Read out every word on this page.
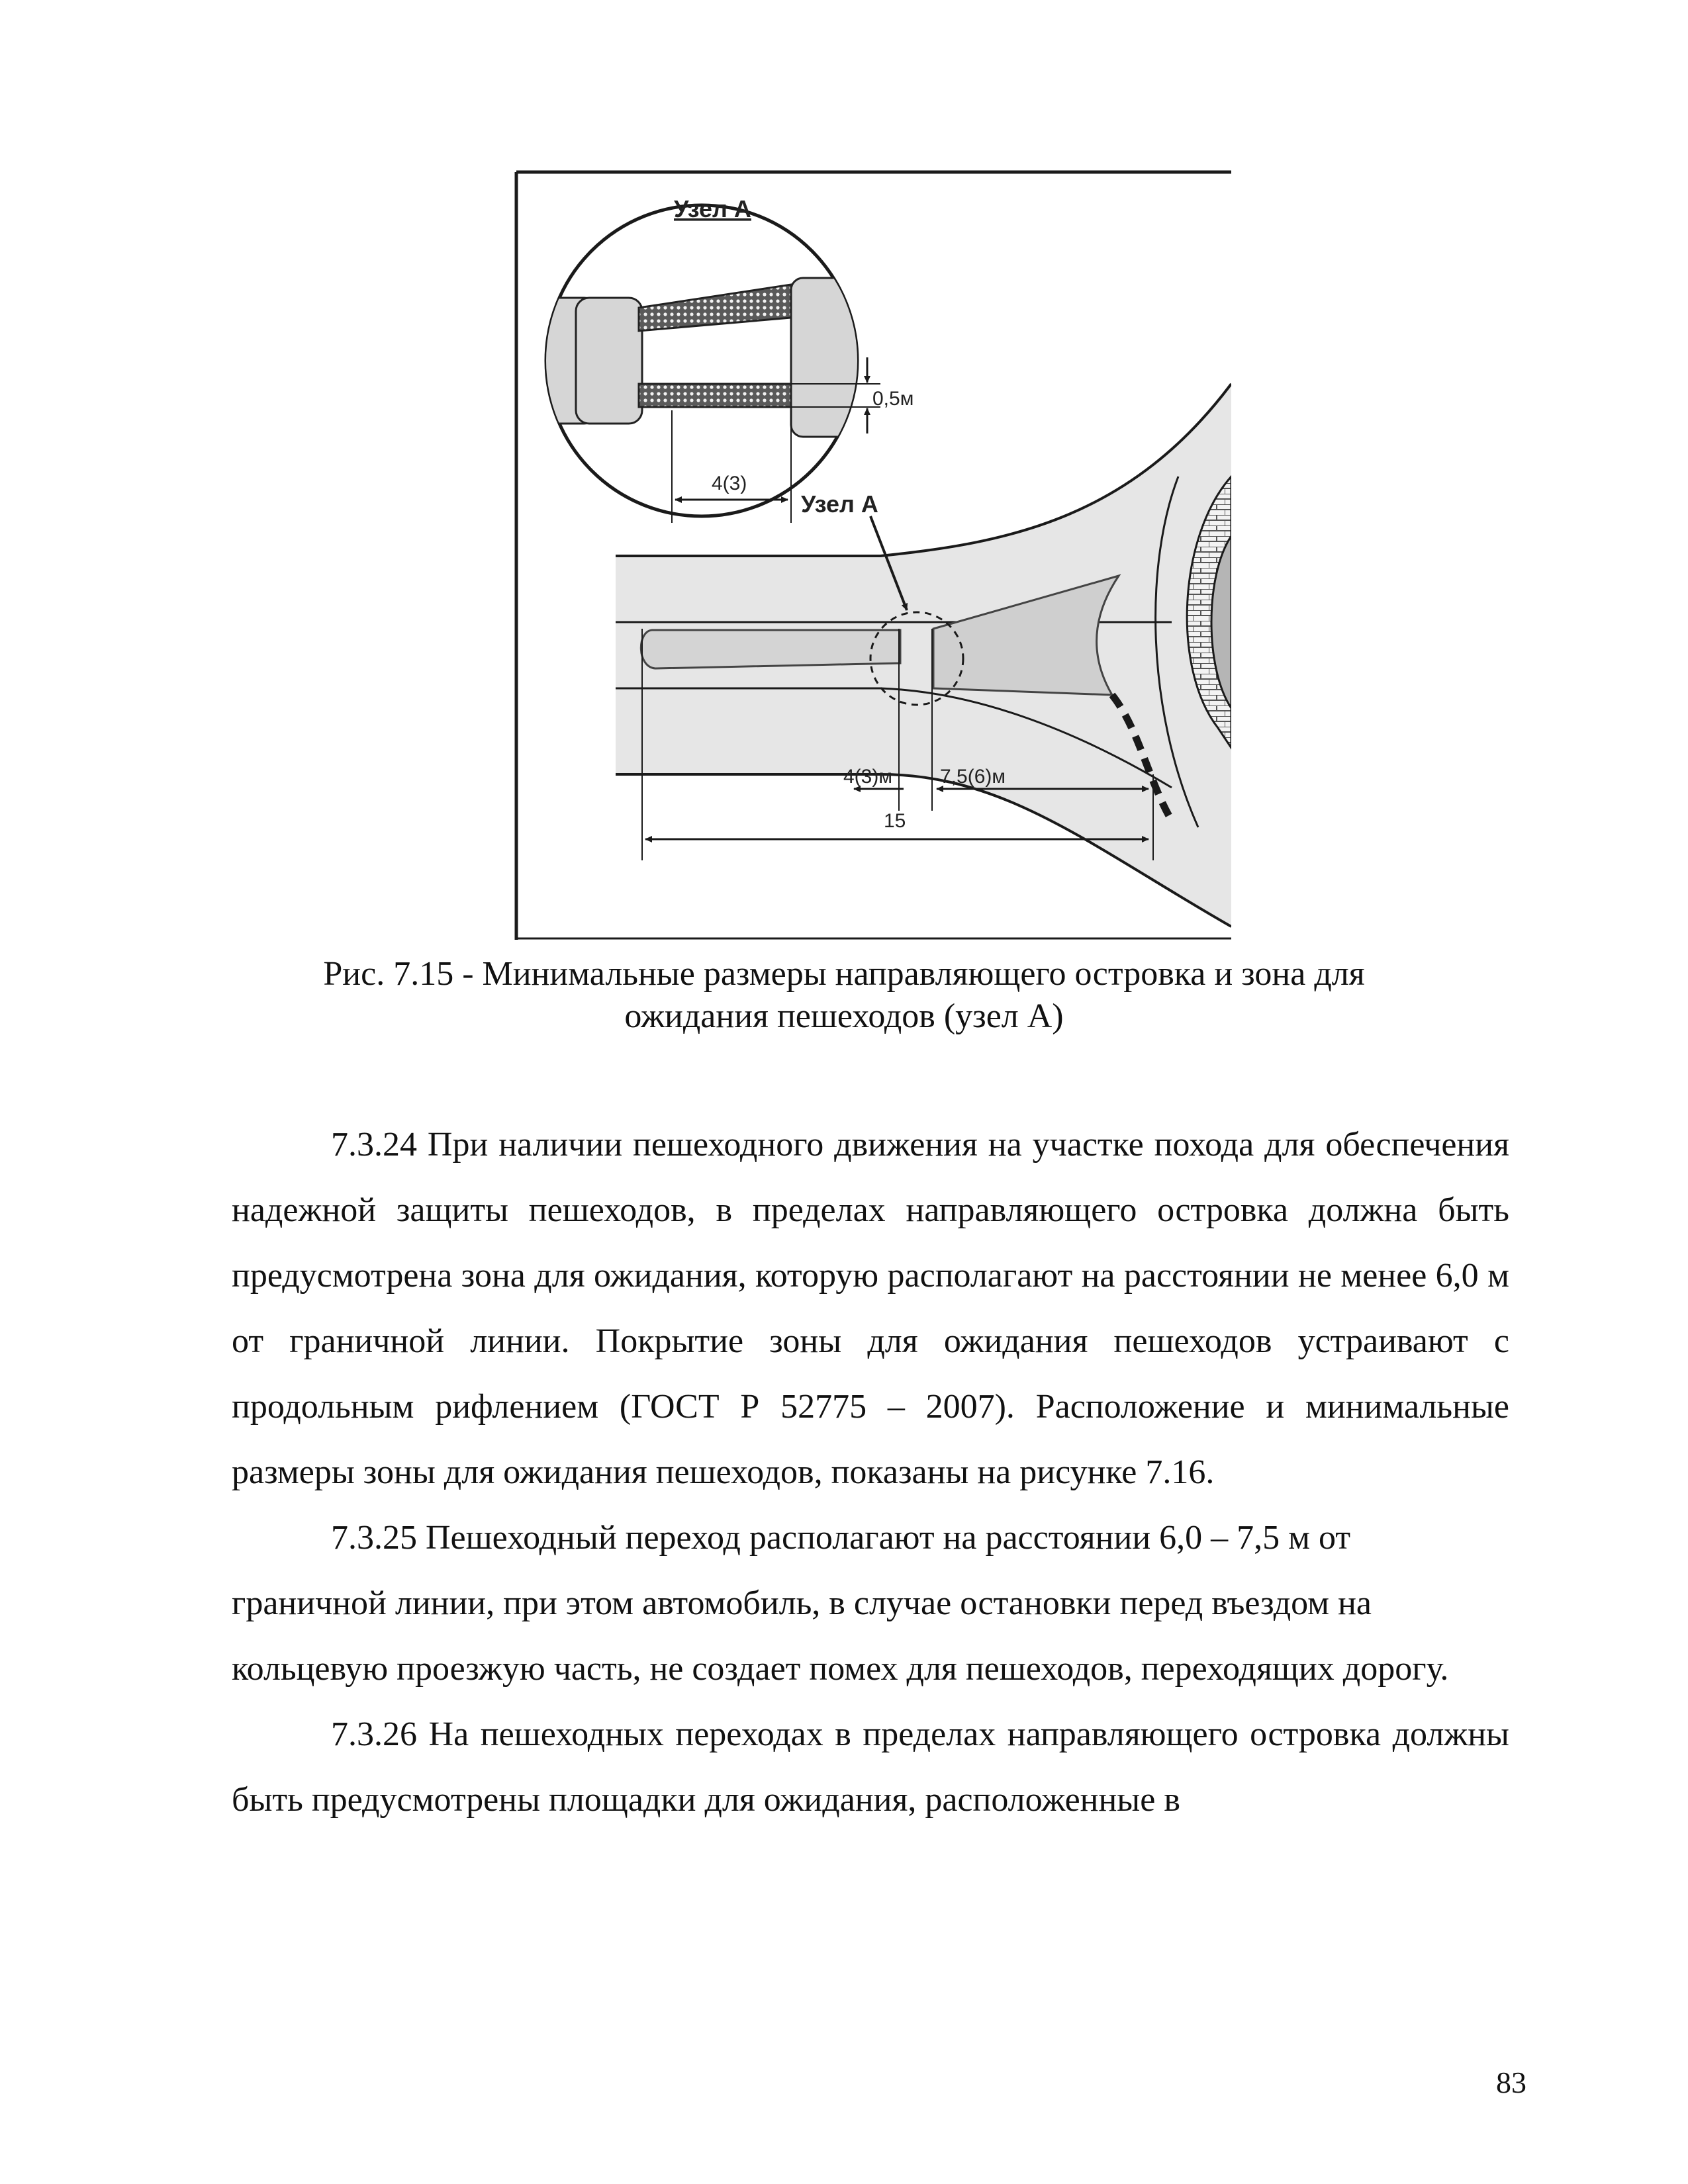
Узел А
Узел А
0,5м
4(3)
4(3)м 7,5(6)м
15
Рис. 7.15 - Минимальные размеры направляющего островка и зона для
ожидания пешеходов (узел А)

7.3.24 При наличии пешеходного движения на участке похода для обеспечения надежной защиты пешеходов, в пределах направляющего островка должна быть предусмотрена зона для ожидания, которую располагают на расстоянии не менее 6,0 м от граничной линии. Покрытие зоны для ожидания пешеходов устраивают с продольным рифлением (ГОСТ Р 52775 – 2007). Расположение и минимальные размеры зоны для ожидания пешеходов, показаны на рисунке 7.16.

7.3.25 Пешеходный переход располагают на расстоянии 6,0 – 7,5 м от граничной линии, при этом автомобиль, в случае остановки перед въездом на кольцевую проезжую часть, не создает помех для пешеходов, переходящих дорогу.

7.3.26 На пешеходных переходах в пределах направляющего островка должны быть предусмотрены площадки для ожидания, расположенные в

83
